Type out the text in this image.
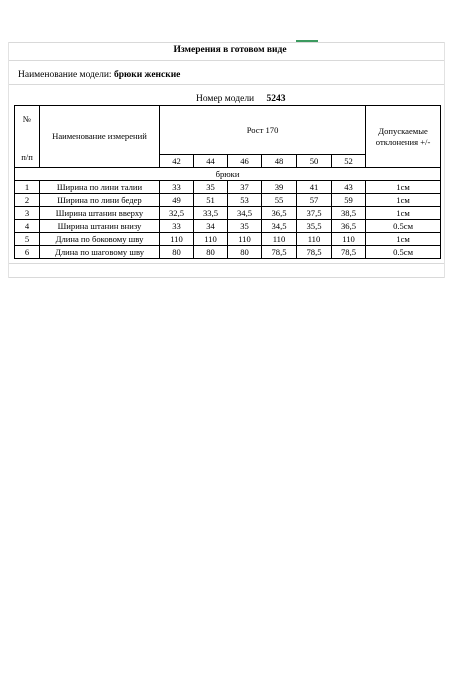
Измерения в готовом виде
Наименование модели: брюки женские
Номер модели 5243
№
п/п	Наименование измерений	Рост 170						Допускаемые отклонения +/-
		42	44	46	48	50	52	
брюки								
1	Ширина по лини талии	33	35	37	39	41	43	1см
2	Ширина по лини бедер	49	51	53	55	57	59	1см
3	Ширина штанин вверху	32,5	33,5	34,5	36,5	37,5	38,5	1см
4	Ширина штанин внизу	33	34	35	34,5	35,5	36,5	0.5см
5	Длина по боковому шву	110	110	110	110	110	110	1см
6	Длина по шаговому шву	80	80	80	78,5	78,5	78,5	0.5см
